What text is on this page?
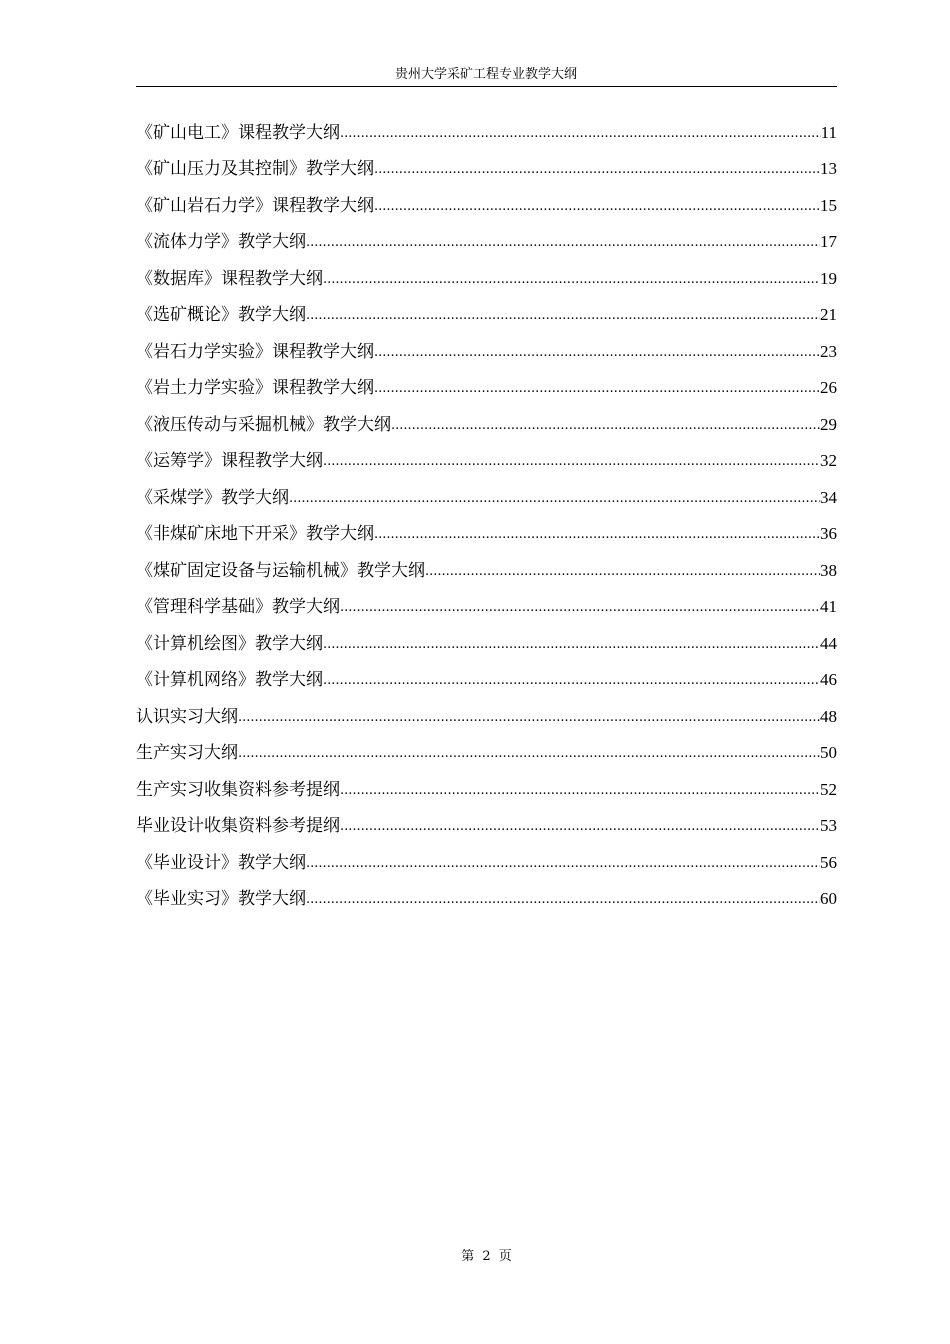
贵州大学采矿工程专业教学大纲
《矿山电工》课程教学大纲 .....	11
《矿山压力及其控制》教学大纲 .....	13
《矿山岩石力学》课程教学大纲 .....	15
《流体力学》教学大纲 .....	17
《数据库》课程教学大纲 .....	19
《选矿概论》教学大纲 .....	21
《岩石力学实验》课程教学大纲 .....	23
《岩土力学实验》课程教学大纲 .....	26
《液压传动与采掘机械》教学大纲 .....	29
《运筹学》课程教学大纲 .....	32
《采煤学》教学大纲 .....	34
《非煤矿床地下开采》教学大纲 .....	36
《煤矿固定设备与运输机械》教学大纲 .....	38
《管理科学基础》教学大纲 .....	41
《计算机绘图》教学大纲 .....	44
《计算机网络》教学大纲 .....	46
认识实习大纲 .....	48
生产实习大纲 .....	50
生产实习收集资料参考提纲 .....	52
毕业设计收集资料参考提纲 .....	53
《毕业设计》教学大纲 .....	56
《毕业实习》教学大纲 .....	60
第 2 页
